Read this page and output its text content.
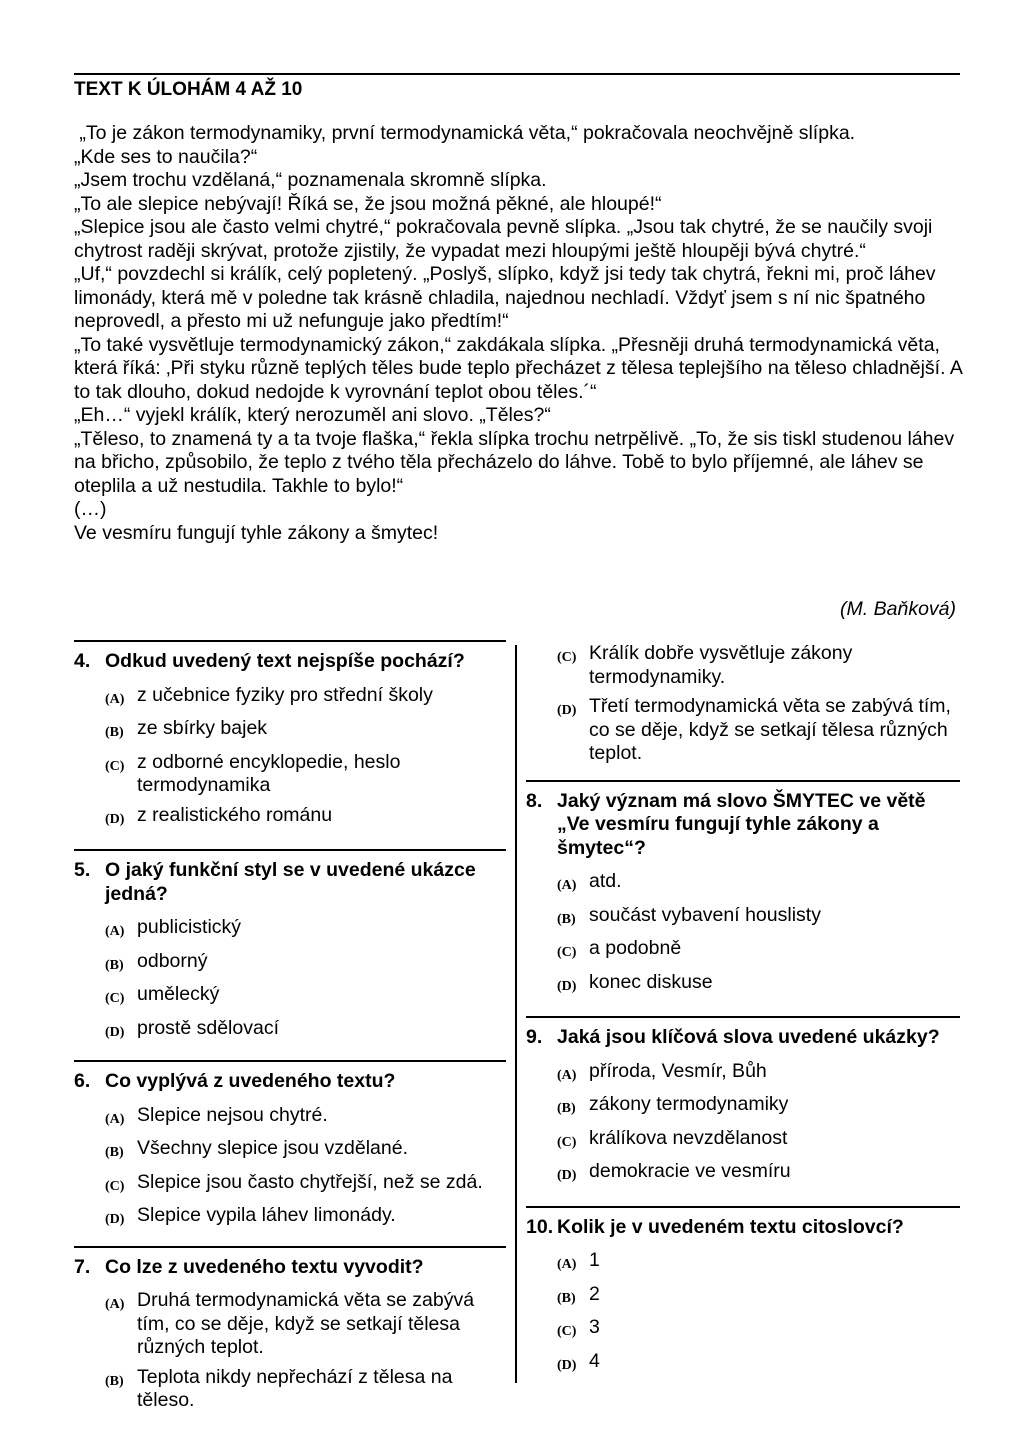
TEXT K ÚLOHÁM 4 AŽ 10

„To je zákon termodynamiky, první termodynamická věta,“ pokračovala neochvějně slípka.

„Kde ses to naučila?“

„Jsem trochu vzdělaná,“ poznamenala skromně slípka.

„To ale slepice nebývají! Říká se, že jsou možná pěkné, ale hloupé!“

„Slepice jsou ale často velmi chytré,“ pokračovala pevně slípka. „Jsou tak chytré, že se naučily svoji chytrost raději skrývat, protože zjistily, že vypadat mezi hloupými ještě hloupěji bývá chytré.“

„Uf,“ povzdechl si králík, celý popletený. „Poslyš, slípko, když jsi tedy tak chytrá, řekni mi, proč láhev limonády, která mě v poledne tak krásně chladila, najednou nechladí. Vždyť jsem s ní nic špatného neprovedl, a přesto mi už nefunguje jako předtím!“

„To také vysvětluje termodynamický zákon,“ zakdákala slípka. „Přesněji druhá termodynamická věta, která říká: ‚Při styku různě teplých těles bude teplo přecházet z tělesa teplejšího na těleso chladnější. A to tak dlouho, dokud nedojde k vyrovnání teplot obou těles.´“

„Eh…“ vyjekl králík, který nerozuměl ani slovo. „Těles?“

„Těleso, to znamená ty a ta tvoje flaška,“ řekla slípka trochu netrpělivě. „To, že sis tiskl studenou láhev na břicho, způsobilo, že teplo z tvého těla přecházelo do láhve. Tobě to bylo příjemné, ale láhev se oteplila a už nestudila. Takhle to bylo!“

(…)

Ve vesmíru fungují tyhle zákony a šmytec!

(M. Baňková)
4. Odkud uvedený text nejspíše pochází?
(A) z učebnice fyziky pro střední školy
(B) ze sbírky bajek
(C) z odborné encyklopedie, heslo termodynamika
(D) z realistického románu
5. O jaký funkční styl se v uvedené ukázce jedná?
(A) publicistický
(B) odborný
(C) umělecký
(D) prostě sdělovací
6. Co vyplývá z uvedeného textu?
(A) Slepice nejsou chytré.
(B) Všechny slepice jsou vzdělané.
(C) Slepice jsou často chytřejší, než se zdá.
(D) Slepice vypila láhev limonády.
7. Co lze z uvedeného textu vyvodit?
(A) Druhá termodynamická věta se zabývá tím, co se děje, když se setkají tělesa různých teplot.
(B) Teplota nikdy nepřechází z tělesa na těleso.
(C) Králík dobře vysvětluje zákony termodynamiky.
(D) Třetí termodynamická věta se zabývá tím, co se děje, když se setkají tělesa různých teplot.
8. Jaký význam má slovo ŠMYTEC ve větě „Ve vesmíru fungují tyhle zákony a šmytec“?
(A) atd.
(B) součást vybavení houslisty
(C) a podobně
(D) konec diskuse
9. Jaká jsou klíčová slova uvedené ukázky?
(A) příroda, Vesmír, Bůh
(B) zákony termodynamiky
(C) králíkova nevzdělanost
(D) demokracie ve vesmíru
10. Kolik je v uvedeném textu citoslovcí?
(A) 1
(B) 2
(C) 3
(D) 4
